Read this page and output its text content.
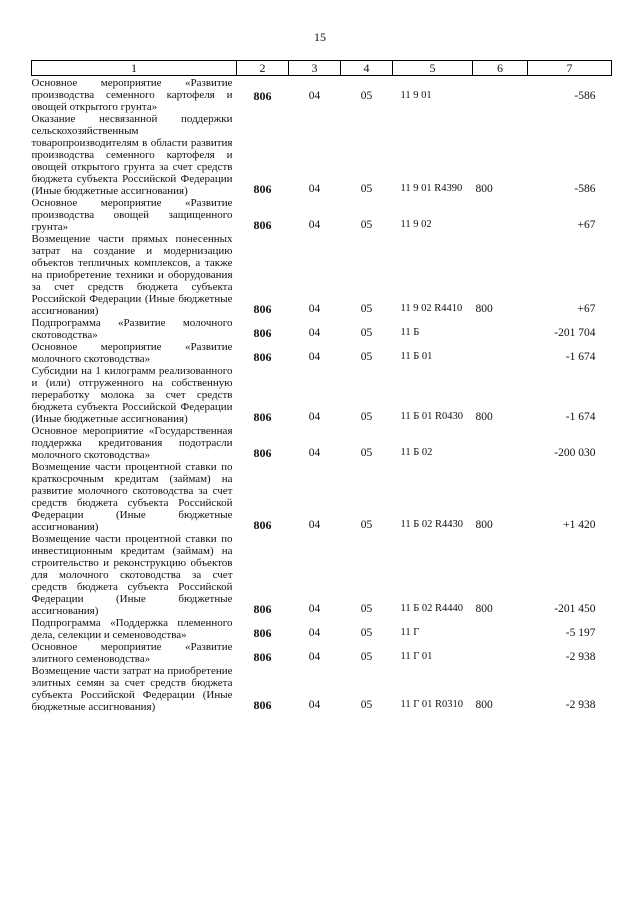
15
1	2	3	4	5	6	7
Основное мероприятие «Развитие производства семенного картофеля и овощей открытого грунта»	806	04	05	11 9 01		-586
Оказание несвязанной поддержки сельскохозяйственным товаропроизводителям в области развития производства семенного картофеля и овощей открытого грунта за счет средств бюджета субъекта Российской Федерации (Иные бюджетные ассигнования)	806	04	05	11 9 01 R4390	800	-586
Основное мероприятие «Развитие производства овощей защищенного грунта»	806	04	05	11 9 02		+67
Возмещение части прямых понесенных затрат на создание и модернизацию объектов тепличных комплексов, а также на приобретение техники и оборудования за счет средств бюджета субъекта Российской Федерации (Иные бюджетные ассигнования)	806	04	05	11 9 02 R4410	800	+67
Подпрограмма «Развитие молочного скотоводства»	806	04	05	11 Б		-201 704
Основное мероприятие «Развитие молочного скотоводства»	806	04	05	11 Б 01		-1 674
Субсидии на 1 килограмм реализованного и (или) отгруженного на собственную переработку молока за счет средств бюджета субъекта Российской Федерации (Иные бюджетные ассигнования)	806	04	05	11 Б 01 R0430	800	-1 674
Основное мероприятие «Государственная поддержка кредитования подотрасли молочного скотоводства»	806	04	05	11 Б 02		-200 030
Возмещение части процентной ставки по краткосрочным кредитам (займам) на развитие молочного скотоводства за счет средств бюджета субъекта Российской Федерации (Иные бюджетные ассигнования)	806	04	05	11 Б 02 R4430	800	+1 420
Возмещение части процентной ставки по инвестиционным кредитам (займам) на строительство и реконструкцию объектов для молочного скотоводства за счет средств бюджета субъекта Российской Федерации (Иные бюджетные ассигнования)	806	04	05	11 Б 02 R4440	800	-201 450
Подпрограмма «Поддержка племенного дела, селекции и семеноводства»	806	04	05	11 Г		-5 197
Основное мероприятие «Развитие элитного семеноводства»	806	04	05	11 Г 01		-2 938
Возмещение части затрат на приобретение элитных семян за счет средств бюджета субъекта Российской Федерации (Иные бюджетные ассигнования)	806	04	05	11 Г 01 R0310	800	-2 938
